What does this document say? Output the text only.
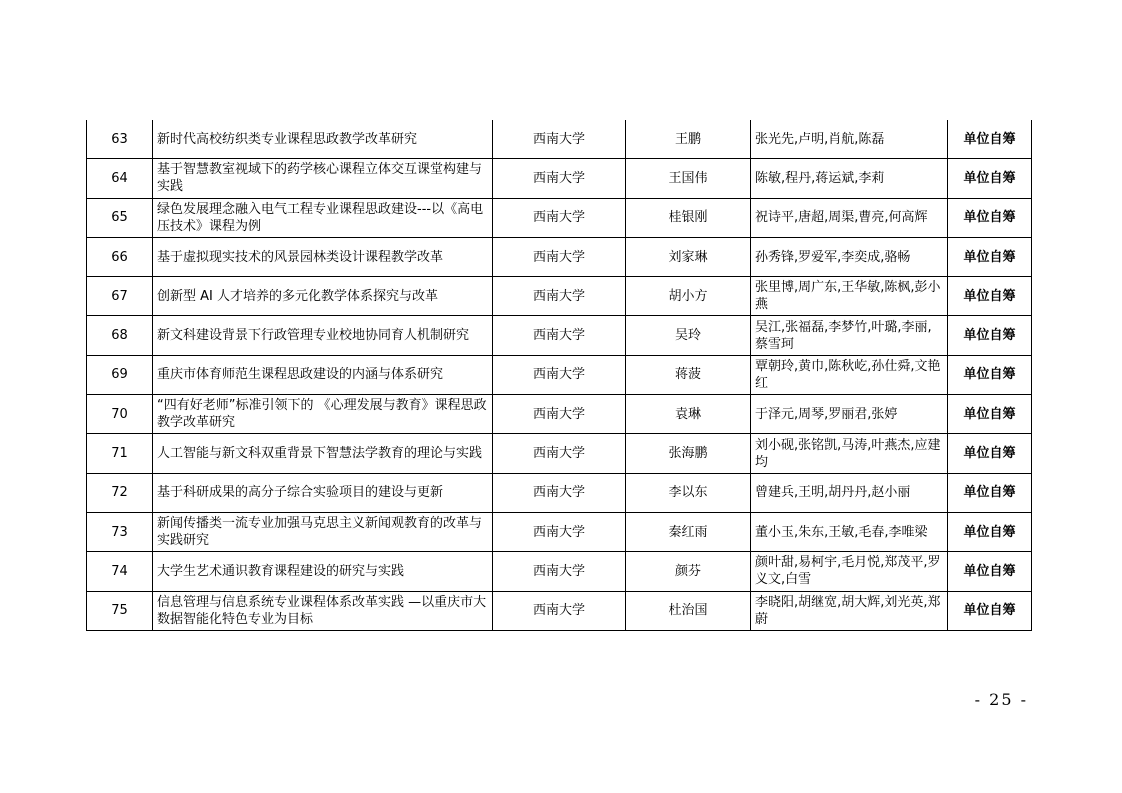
63	新时代高校纺织类专业课程思政教学改革研究	西南大学	王鹏	张光先,卢明,肖航,陈磊	单位自筹
64	基于智慧教室视域下的药学核心课程立体交互课堂构建与实践	西南大学	王国伟	陈敏,程丹,蒋运斌,李莉	单位自筹
65	绿色发展理念融入电气工程专业课程思政建设---以《高电压技术》课程为例	西南大学	桂银刚	祝诗平,唐超,周渠,曹亮,何高辉	单位自筹
66	基于虚拟现实技术的风景园林类设计课程教学改革	西南大学	刘家琳	孙秀锋,罗爱军,李奕成,骆畅	单位自筹
67	创新型 AI 人才培养的多元化教学体系探究与改革	西南大学	胡小方	张里博,周广东,王华敏,陈枫,彭小燕	单位自筹
68	新文科建设背景下行政管理专业校地协同育人机制研究	西南大学	吴玲	吴江,张福磊,李梦竹,叶璐,李丽,蔡雪珂	单位自筹
69	重庆市体育师范生课程思政建设的内涵与体系研究	西南大学	蒋菠	覃朝玲,黄巾,陈秋屹,孙仕舜,文艳红	单位自筹
70	“四有好老师”标准引领下的 《心理发展与教育》课程思政教学改革研究	西南大学	袁琳	于泽元,周琴,罗丽君,张婷	单位自筹
71	人工智能与新文科双重背景下智慧法学教育的理论与实践	西南大学	张海鹏	刘小砚,张铭凯,马涛,叶燕杰,应建均	单位自筹
72	基于科研成果的高分子综合实验项目的建设与更新	西南大学	李以东	曾建兵,王明,胡丹丹,赵小丽	单位自筹
73	新闻传播类一流专业加强马克思主义新闻观教育的改革与实践研究	西南大学	秦红雨	董小玉,朱东,王敏,毛春,李唯梁	单位自筹
74	大学生艺术通识教育课程建设的研究与实践	西南大学	颜芬	颜叶甜,易柯宇,毛月悦,郑茂平,罗义文,白雪	单位自筹
75	信息管理与信息系统专业课程体系改革实践 —以重庆市大数据智能化特色专业为目标	西南大学	杜治国	李晓阳,胡继宽,胡大辉,刘光英,郑蔚	单位自筹
- 25 -
